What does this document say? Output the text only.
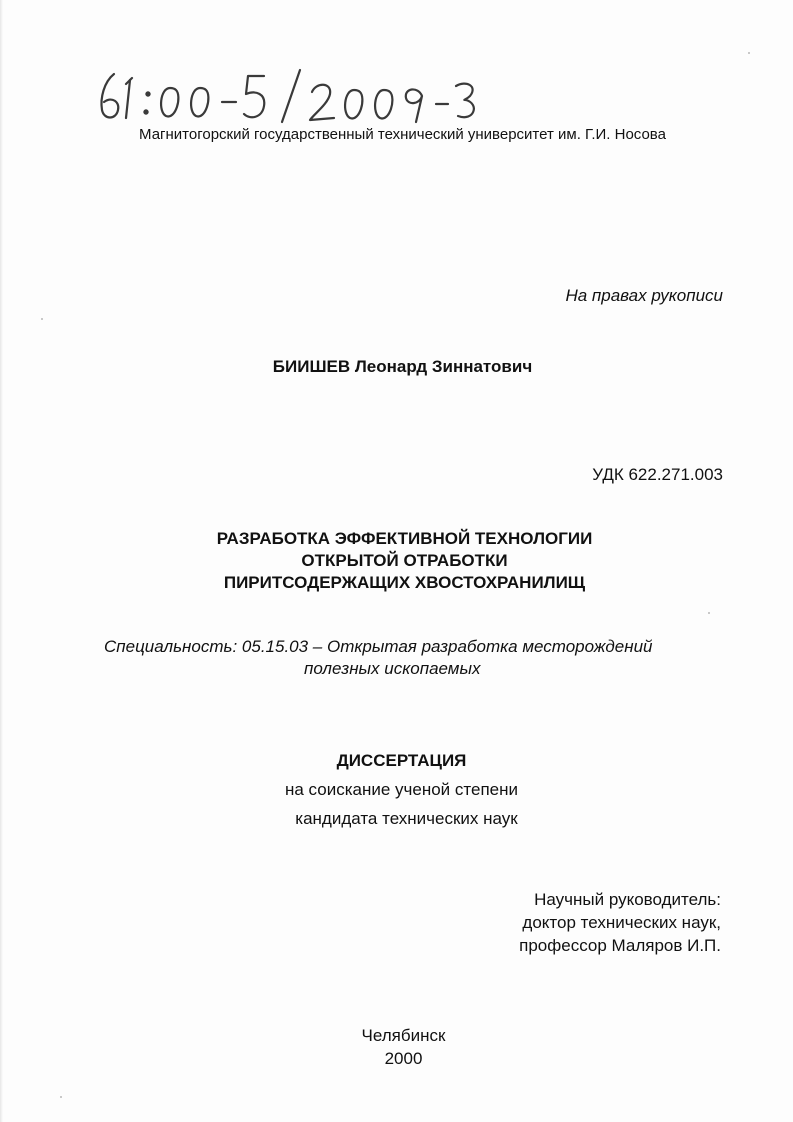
Магнитогорский государственный технический университет им. Г.И. Носова

На правах рукописи

БИИШЕВ Леонард Зиннатович

УДК 622.271.003

РАЗРАБОТКА ЭФФЕКТИВНОЙ ТЕХНОЛОГИИ
ОТКРЫТОЙ ОТРАБОТКИ
ПИРИТСОДЕРЖАЩИХ ХВОСТОХРАНИЛИЩ
Специальность: 05.15.03 – Открытая разработка месторождений
полезных ископаемых
ДИССЕРТАЦИЯ
на соискание ученой степени
кандидата технических наук
Научный руководитель:
доктор технических наук,
профессор Маляров И.П.
Челябинск
2000
